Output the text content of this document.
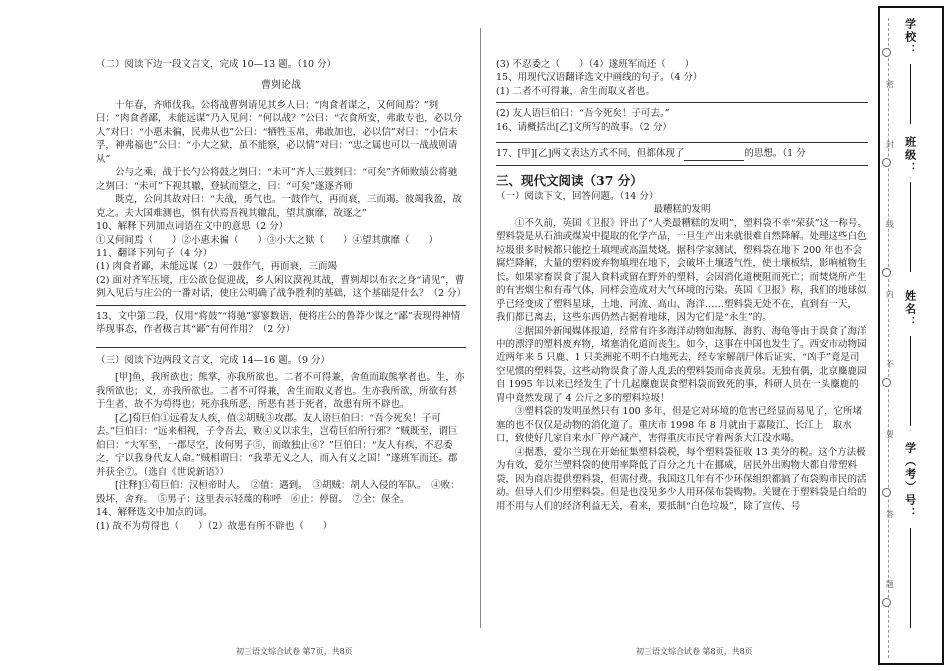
（二）阅读下边一段文言文，完成 10—13 题。（10 分）

曹刿论战

十年春，齐师伐我。公将战曹刿请见其乡人曰：“肉食者谋之，又何间焉？”刿曰：“肉食者鄙，未能远谋”乃入见问：“何以战？”公曰：“衣食所安，弗敢专也，必以分人”对曰：“小惠未徧，民弗从也”公曰：“牺牲玉帛，弗敢加也，必以信”对曰：“小信未孚，神弗福也”公曰：“小大之狱，虽不能察，必以情”对曰：“忠之属也可以一战战则请从”

公与之乘，战于长勺公将鼓之刿曰：“未可”齐人三鼓刿曰：“可矣”齐师败绩公将驰之刿曰：“未可”下视其辙，登轼而望之，曰：“可矣”遂逐齐师

既克，公问其故对曰：“夫战，勇气也。一鼓作气，再而衰，三而竭。彼竭我盈，故克之。夫大国难测也，惧有伏焉吾视其辙乱，望其旗靡，故逐之”

10、解释下列加点词语在文中的意思（2 分）

①又何间焉（　　）②小惠未徧（　　）③小大之狱（　　）④望其旗靡（　　）

11、翻译下列句子（4 分）

(1) 肉食者鄙，未能远谋（2）一鼓作气，再而衰，三而竭

(2) 面对齐军压境，庄公欲仓促迎战，乡人闲议漠视其战，曹刿却以布衣之身“请见”，曹刿入见后与庄公的一番对话，使庄公明确了战争胜利的基础，这个基础是什么？（2 分）

13、文中第二段，仅用“将鼓”“将驰”寥寥数语，便将庄公的鲁莽少谋之“鄙”表现得神情毕现事态，作者极言其“鄙”有何作用？（2 分）

（三）阅读下边两段文言文，完成 14—16 题。（9 分）

[甲]鱼，我所欲也；熊掌，亦我所欲也。二者不可得兼，舍鱼而取熊掌者也。生，亦我所欲也；义，亦我所欲也。二者不可得兼，舍生而取义者也。生亦我所欲，所欲有甚于生者，故不为苟得也；死亦我所恶，所恶有甚于死者，故患有所不辟也。

[乙]荀巨伯①远看友人疾，值②胡贼③攻郡。友人语巨伯曰：“吾今死矣！子可去。”巨伯曰：“远来相视，子令吾去，败④义以求生，岂荀巨伯所行邪？”贼既至，谓巨伯曰：“大军至，一郡尽空，汝何男子⑤，而敢独止⑥？”巨伯曰：“友人有疾，不忍委之，宁以我身代友人命。”贼相谓曰：“我辈无义之人，而入有义之国！”遂班军而还。郡并获全⑦。（选自《世说新语》）

[注释]①荀巨伯：汉桓帝时人。　②值：遇到。　③胡贼：胡人入侵的军队。　④败：毁坏，舍弃。　⑤男子：这里表示轻蔑的称呼　⑥止：停留。　⑦全：保全。

14、解释选文中加点的词。

(1) 故不为苟得也（　　）（2）故患有所不辟也（　　）

初三语文综合试卷 第7页，共8页

(3) 不忍委之（　　）（4）遂班军而还（　　）

15、用现代汉语翻译选文中画线的句子。（4 分）

(1) 二者不可得兼，舍生而取义者也。

(2) 友人语巨伯曰：“吾今死矣！子可去。”

16、请概括出[乙]文所写的故事。（2 分）

17、[甲][乙]两文表达方式不同，但都体现了	的思想。（1 分

三、现代文阅读（37 分）

（一）阅读下文，回答问题。（14 分）

最糟糕的发明

①不久前，英国《卫报》评出了“人类最糟糕的发明”，塑料袋不幸“荣获”这一称号。塑料袋是从石油或煤炭中提取的化学产品，一旦生产出来就很难自然降解。处理这些白色垃圾很多时候都只能挖土填埋或高温焚烧。据科学家测试，塑料袋在地下 200 年也不会腐烂降解，大量的塑料废弃物填埋在地下，会破坏土壤透气性，使土壤板结，影响植物生长。如果家畜误食了混入食料或留在野外的塑料，会因消化道梗阻而死亡；而焚烧所产生的有害烟尘和有毒气体，同样会造成对大气环境的污染。英国《卫报》称，我们的地球似乎已经变成了塑料星球，土地、河流、高山、海洋……塑料袋无处不在，直到有一天，　我们都已离去，这些东西仍然占据着地球，因为它们是“永生”的。

②据国外新闻媒体报道，经常有许多海洋动物如海豚、海豹、海龟等由于误食了海洋中的漂浮的塑料废弃物，堵塞消化道而丧生。如今，这事在中国也发生了。西安市动物园近两年来 5 只鹿、1 只美洲驼不明不白地死去，经专家解剖尸体后证实，“凶手”竟是司空见惯的塑料袋，这些动物误食了游人乱丢的塑料袋而命丧黄泉。无独有偶，北京麋鹿园自 1995 年以来已经发生了十几起麋鹿误食塑料袋而致死的事，科研人员在一头麋鹿的胃中竟然发现了 4 公斤之多的塑料垃圾！

③塑料袋的发明虽然只有 100 多年，但是它对环境的危害已经显而易见了，它所堵塞的也不仅仅是动物的消化道了。重庆市 1998 年 8 月就由于嘉陵江、长江上　取水口，致使好几家自来水厂停产减产，害得重庆市民守着两条大江没水喝。

④据悉，爱尔兰现在开始征集塑料袋税，每个塑料袋征收 13 美分的税。这个方法极为有效，爱尔兰塑料袋的使用率降低了百分之九十在挪威，居民外出购物大都自带塑料袋，因为商店提供塑料袋，但需付费。我国这几年有不少环保组织都搞了布袋购市民的活动。但导人们少用塑料袋。但是也没见多少人用环保布袋购物。关键在于塑料袋是白给的用不用与人们的经济利益无关，看来，要抵制“白色垃圾”，除了宣传、号

初三语文综合试卷 第8页，共8页
密
封
线
内
不
要
答
题
学校：
班级：
姓名：
学（考）号：
